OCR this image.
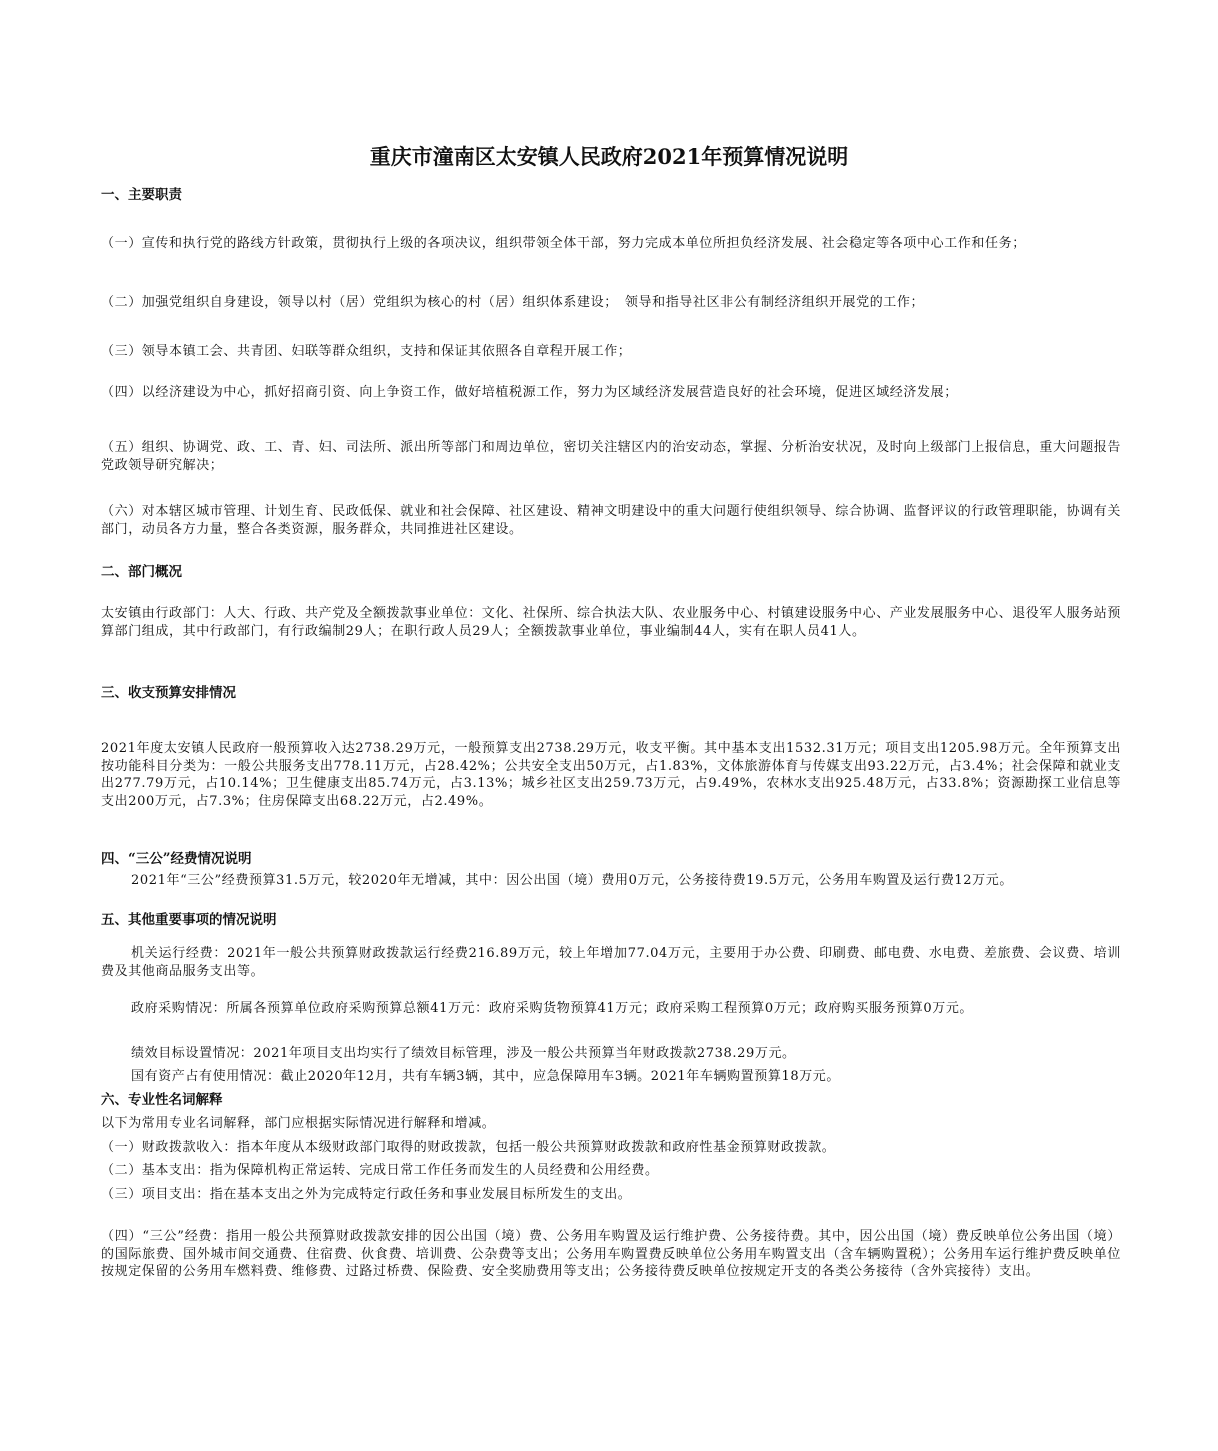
重庆市潼南区太安镇人民政府2021年预算情况说明
一、主要职责
（一）宣传和执行党的路线方针政策，贯彻执行上级的各项决议，组织带领全体干部，努力完成本单位所担负经济发展、社会稳定等各项中心工作和任务；
（二）加强党组织自身建设，领导以村（居）党组织为核心的村（居）组织体系建设；　领导和指导社区非公有制经济组织开展党的工作；
（三）领导本镇工会、共青团、妇联等群众组织，支持和保证其依照各自章程开展工作；
（四）以经济建设为中心，抓好招商引资、向上争资工作，做好培植税源工作，努力为区域经济发展营造良好的社会环境，促进区域经济发展；
（五）组织、协调党、政、工、青、妇、司法所、派出所等部门和周边单位，密切关注辖区内的治安动态，掌握、分析治安状况，及时向上级部门上报信息，重大问题报告党政领导研究解决；
（六）对本辖区城市管理、计划生育、民政低保、就业和社会保障、社区建设、精神文明建设中的重大问题行使组织领导、综合协调、监督评议的行政管理职能，协调有关部门，动员各方力量，整合各类资源，服务群众，共同推进社区建设。
二、部门概况
太安镇由行政部门：人大、行政、共产党及全额拨款事业单位：文化、社保所、综合执法大队、农业服务中心、村镇建设服务中心、产业发展服务中心、退役军人服务站预算部门组成，其中行政部门，有行政编制29人；在职行政人员29人；全额拨款事业单位，事业编制44人，实有在职人员41人。
三、收支预算安排情况
2021年度太安镇人民政府一般预算收入达2738.29万元，一般预算支出2738.29万元，收支平衡。其中基本支出1532.31万元；项目支出1205.98万元。全年预算支出按功能科目分类为：一般公共服务支出778.11万元，占28.42%；公共安全支出50万元，占1.83%，文体旅游体育与传媒支出93.22万元，占3.4%；社会保障和就业支出277.79万元，占10.14%；卫生健康支出85.74万元，占3.13%；城乡社区支出259.73万元，占9.49%，农林水支出925.48万元，占33.8%；资源勘探工业信息等支出200万元，占7.3%；住房保障支出68.22万元，占2.49%。
四、“三公”经费情况说明
2021年“三公”经费预算31.5万元，较2020年无增减，其中：因公出国（境）费用0万元，公务接待费19.5万元，公务用车购置及运行费12万元。
五、其他重要事项的情况说明
机关运行经费：2021年一般公共预算财政拨款运行经费216.89万元，较上年增加77.04万元，主要用于办公费、印刷费、邮电费、水电费、差旅费、会议费、培训费及其他商品服务支出等。
政府采购情况：所属各预算单位政府采购预算总额41万元：政府采购货物预算41万元；政府采购工程预算0万元；政府购买服务预算0万元。
绩效目标设置情况：2021年项目支出均实行了绩效目标管理，涉及一般公共预算当年财政拨款2738.29万元。
国有资产占有使用情况：截止2020年12月，共有车辆3辆，其中，应急保障用车3辆。2021年车辆购置预算18万元。
六、专业性名词解释
以下为常用专业名词解释，部门应根据实际情况进行解释和增减。
（一）财政拨款收入：指本年度从本级财政部门取得的财政拨款，包括一般公共预算财政拨款和政府性基金预算财政拨款。
（二）基本支出：指为保障机构正常运转、完成日常工作任务而发生的人员经费和公用经费。
（三）项目支出：指在基本支出之外为完成特定行政任务和事业发展目标所发生的支出。
（四）“三公”经费：指用一般公共预算财政拨款安排的因公出国（境）费、公务用车购置及运行维护费、公务接待费。其中，因公出国（境）费反映单位公务出国（境）的国际旅费、国外城市间交通费、住宿费、伙食费、培训费、公杂费等支出；公务用车购置费反映单位公务用车购置支出（含车辆购置税）；公务用车运行维护费反映单位按规定保留的公务用车燃料费、维修费、过路过桥费、保险费、安全奖励费用等支出；公务接待费反映单位按规定开支的各类公务接待（含外宾接待）支出。
